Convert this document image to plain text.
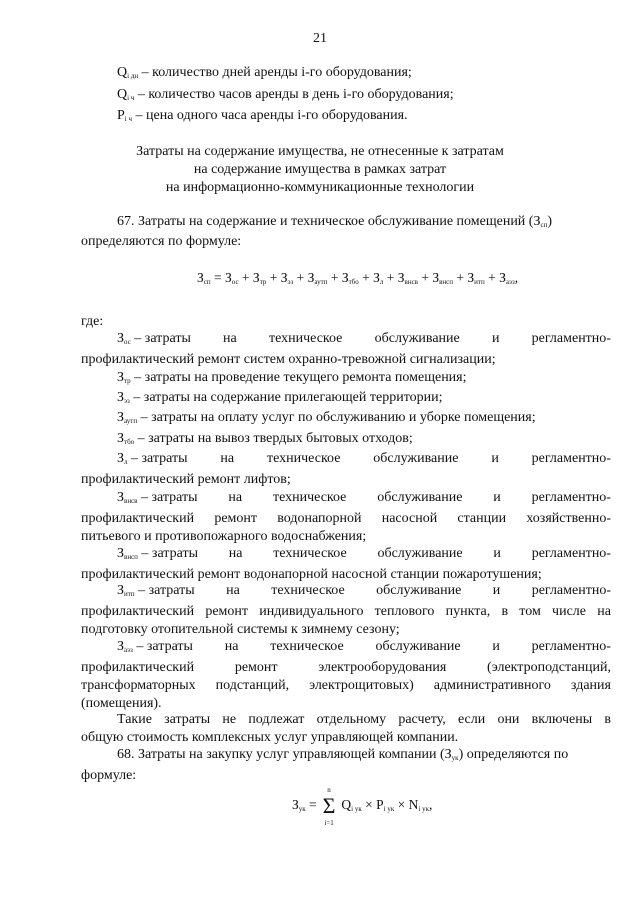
21
$Q_{i дн}$ – количество дней аренды i-го оборудования;
$Q_{i ч}$ – количество часов аренды в день i-го оборудования;
$P_{i ч}$ – цена одного часа аренды i-го оборудования.
Затраты на содержание имущества, не отнесенные к затратам
на содержание имущества в рамках затрат
на информационно-коммуникационные технологии
67. Затраты на содержание и техническое обслуживание помещений $(З_{сп})$
определяются по формуле:
$З_{сп} = З_{ос} + З_{тр} + З_{эз} + З_{аутп} + З_{тбо} + З_л + З_{внсв} + З_{внсп} + З_{итп} + З_{аэз}$,
где:
$З_{ос}$ – затраты на техническое обслуживание и регламентно-
профилактический ремонт систем охранно-тревожной сигнализации;
$З_{тр}$ – затраты на проведение текущего ремонта помещения;
$З_{эз}$ – затраты на содержание прилегающей территории;
$З_{аутп}$ – затраты на оплату услуг по обслуживанию и уборке помещения;
$З_{тбо}$ – затраты на вывоз твердых бытовых отходов;
$З_л$ – затраты на техническое обслуживание и регламентно-
профилактический ремонт лифтов;
$З_{внсв}$ – затраты на техническое обслуживание и регламентно-
профилактический ремонт водонапорной насосной станции хозяйственно-
питьевого и противопожарного водоснабжения;
$З_{внсп}$ – затраты на техническое обслуживание и регламентно-
профилактический ремонт водонапорной насосной станции пожаротушения;
$З_{итп}$ – затраты на техническое обслуживание и регламентно-
профилактический ремонт индивидуального теплового пункта, в том числе на
подготовку отопительной системы к зимнему сезону;
$З_{аэз}$ – затраты на техническое обслуживание и регламентно-
профилактический	ремонт	электрооборудования	(электроподстанций,
трансформаторных подстанций, электрощитовых) административного здания
(помещения).
Такие затраты не подлежат отдельному расчету, если они включены в
общую стоимость комплексных услуг управляющей компании.
68. Затраты на закупку услуг управляющей компании $(З_{ук})$ определяются по
формуле:
$З_{ук}$ =
n
Σ
i=1
$Q_{i ук} \times P_{i ук} \times N_{i ук}$,
